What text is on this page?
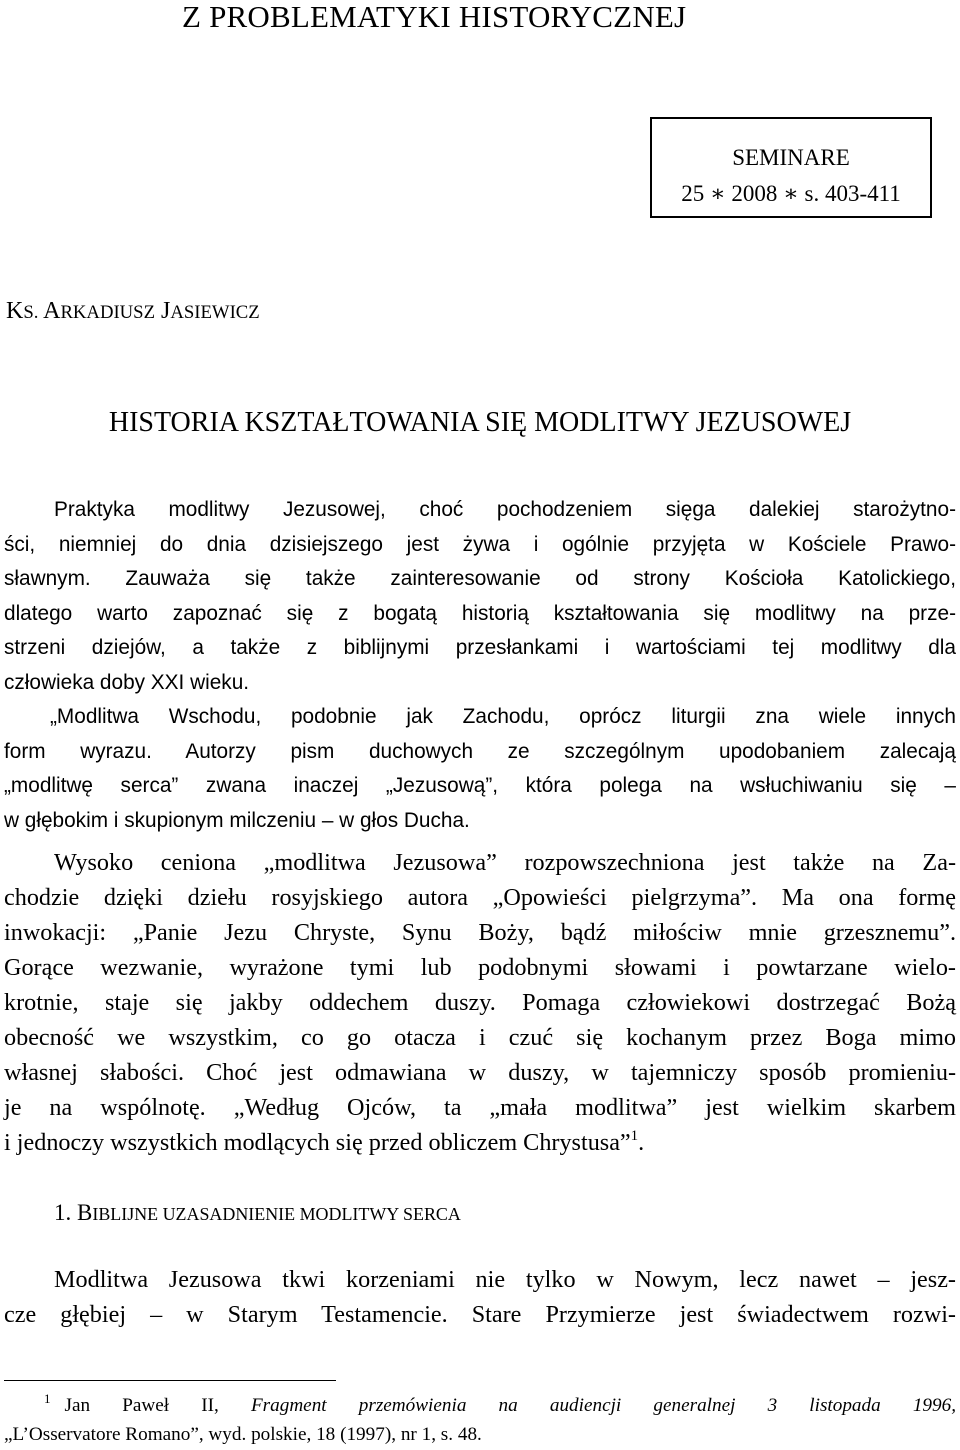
Z PROBLEMATYKI HISTORYCZNEJ
SEMINARE
25 ∗ 2008 ∗ s. 403-411
KS. ARKADIUSZ JASIEWICZ
HISTORIA KSZTAŁTOWANIA SIĘ MODLITWY JEZUSOWEJ
Praktyka modlitwy Jezusowej, choć pochodzeniem sięga dalekiej starożytno-
ści, niemniej do dnia dzisiejszego jest żywa i ogólnie przyjęta w Kościele Prawo-
sławnym. Zauważa się także zainteresowanie od strony Kościoła Katolickiego,
dlatego warto zapoznać się z bogatą historią kształtowania się modlitwy na prze-
strzeni dziejów, a także z biblijnymi przesłankami i wartościami tej modlitwy dla
człowieka doby XXI wieku.
„Modlitwa Wschodu, podobnie jak Zachodu, oprócz liturgii zna wiele innych
form wyrazu. Autorzy pism duchowych ze szczególnym upodobaniem zalecają
„modlitwę serca” zwana inaczej „Jezusową”, która polega na wsłuchiwaniu się –
w głębokim i skupionym milczeniu – w głos Ducha.
Wysoko ceniona „modlitwa Jezusowa” rozpowszechniona jest także na Za-
chodzie dzięki dziełu rosyjskiego autora „Opowieści pielgrzyma”. Ma ona formę
inwokacji: „Panie Jezu Chryste, Synu Boży, bądź miłościw mnie grzesznemu”.
Gorące wezwanie, wyrażone tymi lub podobnymi słowami i powtarzane wielo-
krotnie, staje się jakby oddechem duszy. Pomaga człowiekowi dostrzegać Bożą
obecność we wszystkim, co go otacza i czuć się kochanym przez Boga mimo
własnej słabości. Choć jest odmawiana w duszy, w tajemniczy sposób promieniu-
je na wspólnotę. „Według Ojców, ta „mała modlitwa” jest wielkim skarbem
i jednoczy wszystkich modlących się przed obliczem Chrystusa”$^1$.
1. BIBLIJNE UZASADNIENIE MODLITWY SERCA
Modlitwa Jezusowa tkwi korzeniami nie tylko w Nowym, lecz nawet – jesz-
cze głębiej – w Starym Testamencie. Stare Przymierze jest świadectwem rozwi-
$^1$ Jan Paweł II, Fragment przemówienia na audiencji generalnej 3 listopada 1996,
„L’Osservatore Romano”, wyd. polskie, 18 (1997), nr 1, s. 48.
